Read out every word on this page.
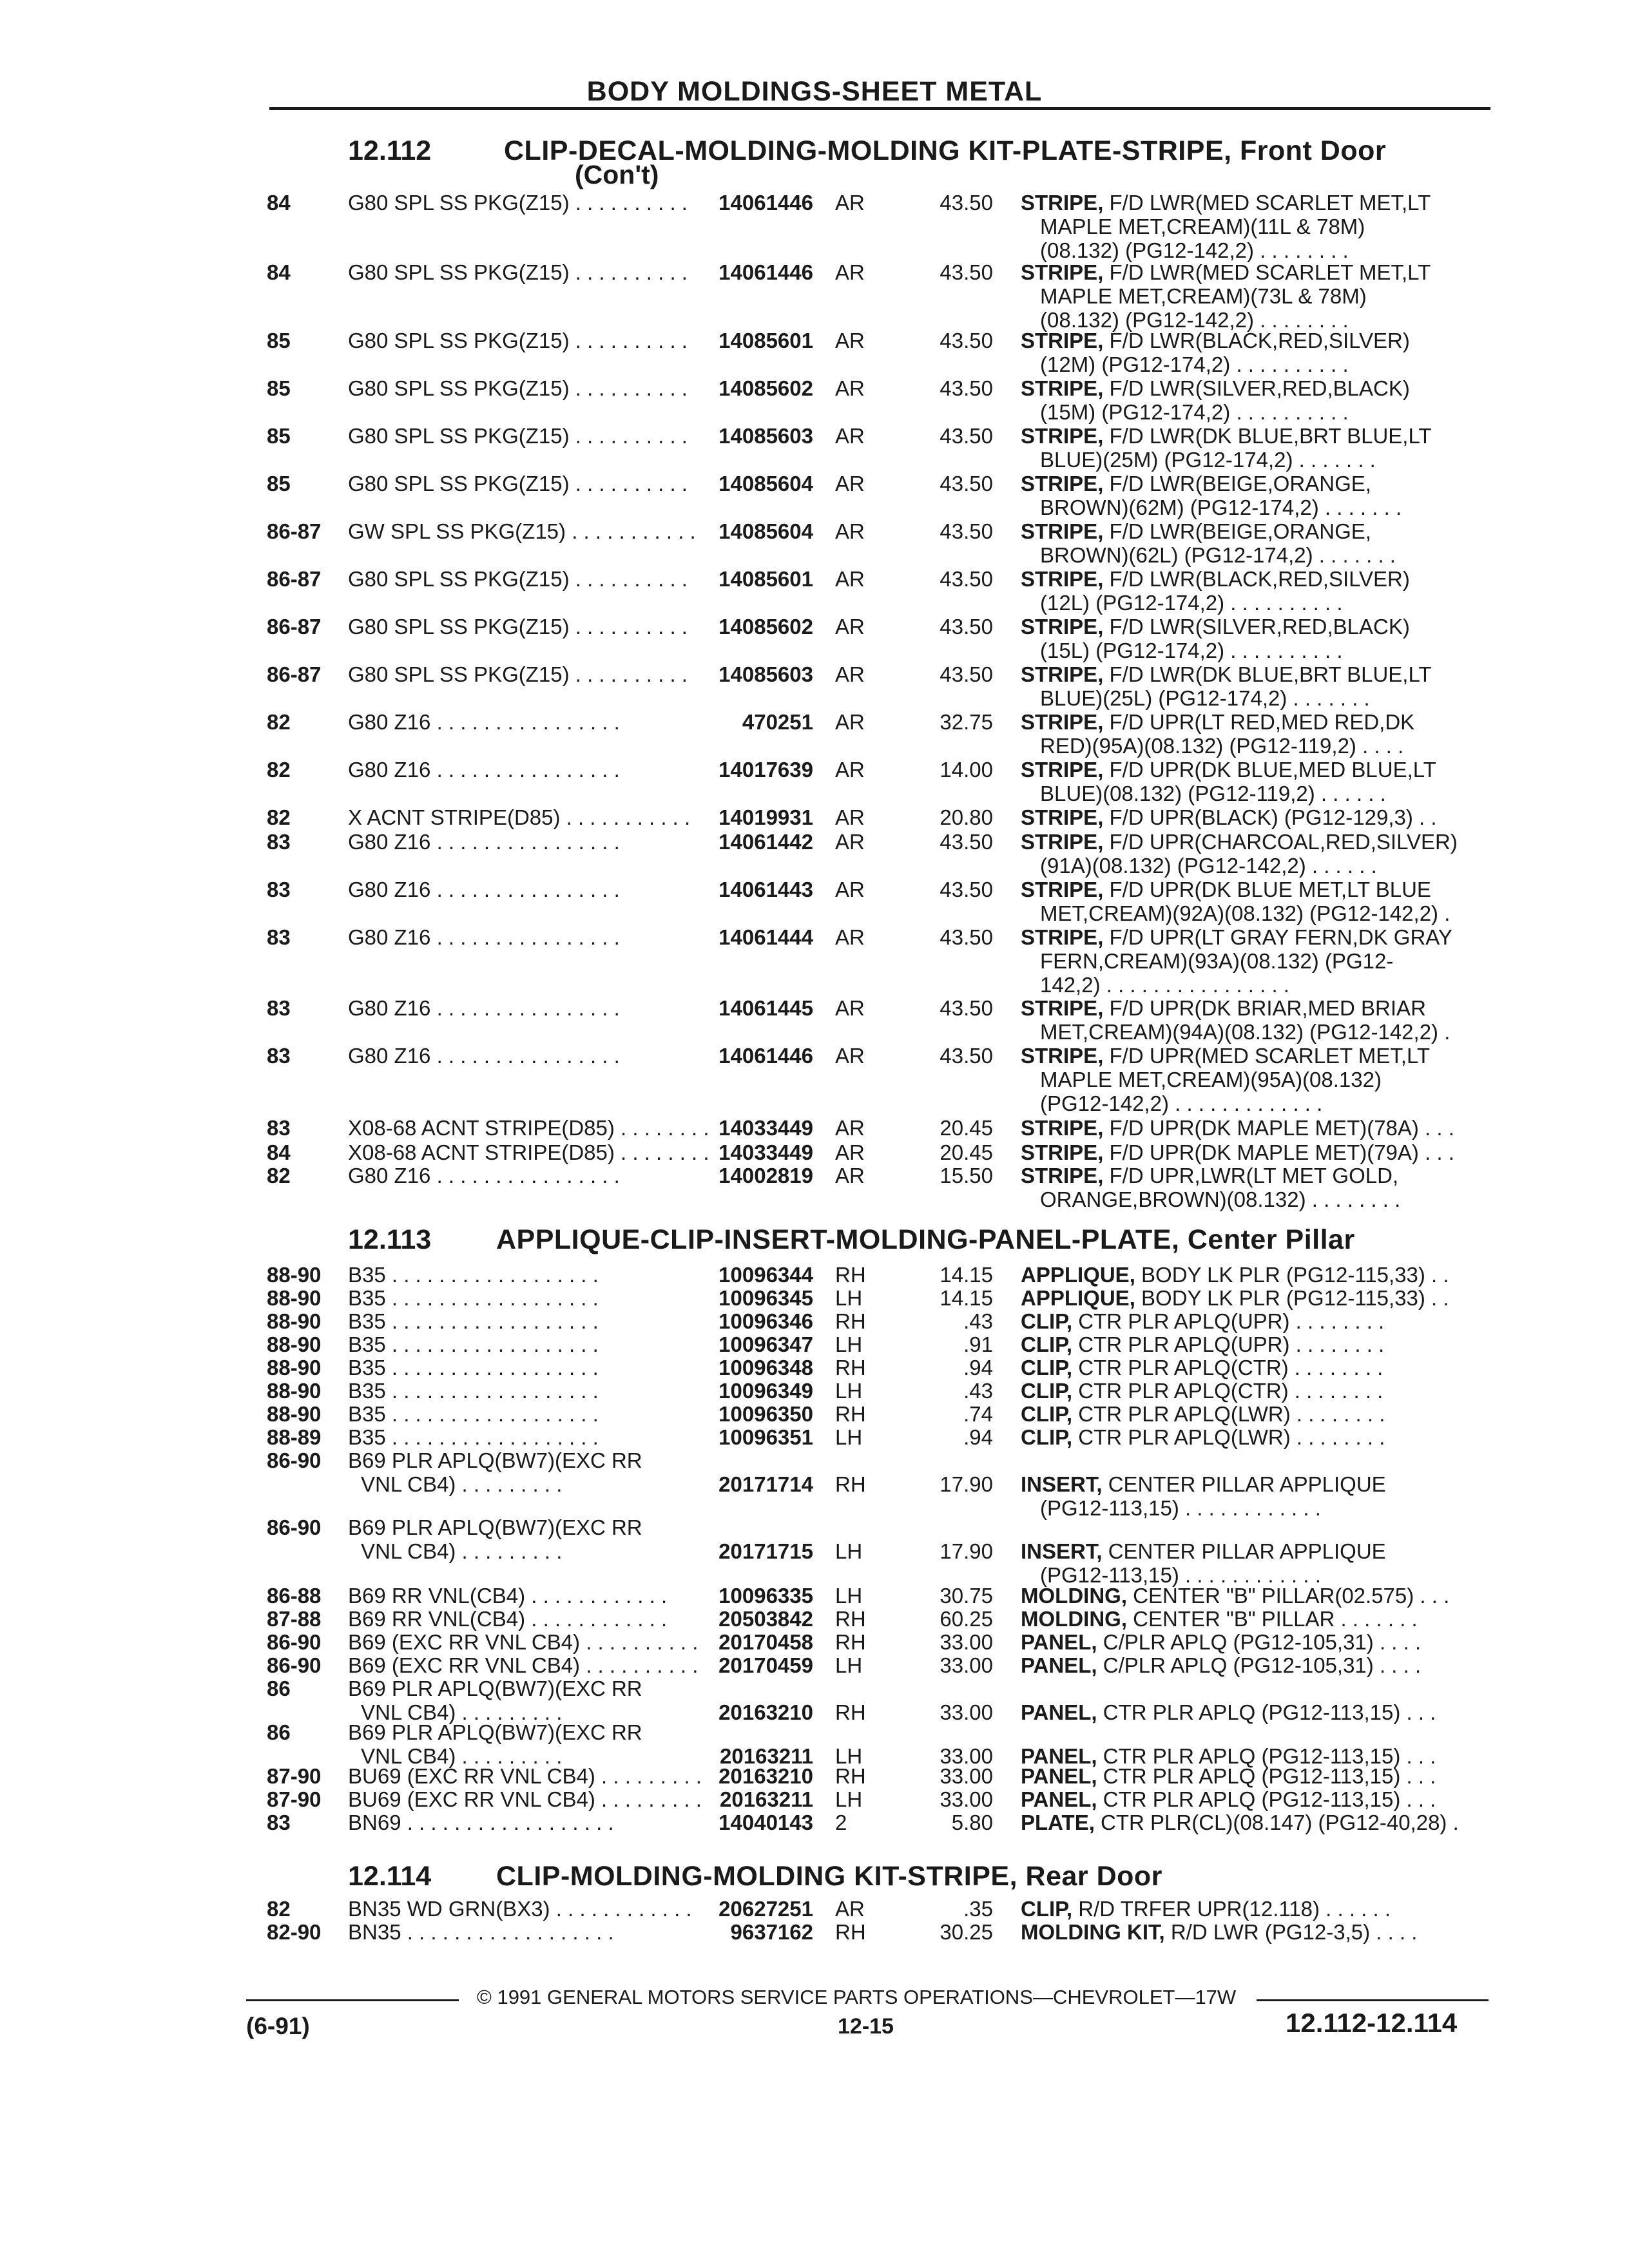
BODY MOLDINGS-SHEET METAL
12.112	CLIP-DECAL-MOLDING-MOLDING KIT-PLATE-STRIPE, Front Door
(Con't)
84	G80 SPL SS PKG(Z15) . . . . . . . . . . 14061446 AR	43.50 STRIPE, F/D LWR(MED SCARLET MET,LT
MAPLE MET,CREAM)(11L & 78M)
(08.132) (PG12-142,2) . . . . . . . .
84	G80 SPL SS PKG(Z15) . . . . . . . . . . 14061446 AR	43.50 STRIPE, F/D LWR(MED SCARLET MET,LT
MAPLE MET,CREAM)(73L & 78M)
(08.132) (PG12-142,2) . . . . . . . .
85	G80 SPL SS PKG(Z15) . . . . . . . . . . 14085601 AR	43.50 STRIPE, F/D LWR(BLACK,RED,SILVER)
(12M) (PG12-174,2) . . . . . . . . . .
85	G80 SPL SS PKG(Z15) . . . . . . . . . . 14085602 AR	43.50 STRIPE, F/D LWR(SILVER,RED,BLACK)
(15M) (PG12-174,2) . . . . . . . . . .
85	G80 SPL SS PKG(Z15) . . . . . . . . . . 14085603 AR	43.50 STRIPE, F/D LWR(DK BLUE,BRT BLUE,LT
BLUE)(25M) (PG12-174,2) . . . . . . .
85	G80 SPL SS PKG(Z15) . . . . . . . . . . 14085604 AR	43.50 STRIPE, F/D LWR(BEIGE,ORANGE,
BROWN)(62M) (PG12-174,2) . . . . . . .
86-87 GW SPL SS PKG(Z15) . . . . . . . . . . . 14085604 AR	43.50 STRIPE, F/D LWR(BEIGE,ORANGE,
BROWN)(62L) (PG12-174,2) . . . . . . .
86-87 G80 SPL SS PKG(Z15) . . . . . . . . . . 14085601 AR	43.50 STRIPE, F/D LWR(BLACK,RED,SILVER)
(12L) (PG12-174,2) . . . . . . . . . .
86-87 G80 SPL SS PKG(Z15) . . . . . . . . . . 14085602 AR	43.50 STRIPE, F/D LWR(SILVER,RED,BLACK)
(15L) (PG12-174,2) . . . . . . . . . .
86-87 G80 SPL SS PKG(Z15) . . . . . . . . . . 14085603 AR	43.50 STRIPE, F/D LWR(DK BLUE,BRT BLUE,LT
BLUE)(25L) (PG12-174,2) . . . . . . .
82	G80 Z16 . . . . . . . . . . . . . . . .	470251 AR	32.75 STRIPE, F/D UPR(LT RED,MED RED,DK
RED)(95A)(08.132) (PG12-119,2) . . . .
82	G80 Z16 . . . . . . . . . . . . . . . .	14017639 AR	14.00 STRIPE, F/D UPR(DK BLUE,MED BLUE,LT
BLUE)(08.132) (PG12-119,2) . . . . . .
82	X ACNT STRIPE(D85) . . . . . . . . . . . 14019931 AR	20.80 STRIPE, F/D UPR(BLACK) (PG12-129,3) . .
83	G80 Z16 . . . . . . . . . . . . . . . .	14061442 AR	43.50 STRIPE, F/D UPR(CHARCOAL,RED,SILVER)
(91A)(08.132) (PG12-142,2) . . . . . .
83	G80 Z16 . . . . . . . . . . . . . . . .	14061443 AR	43.50 STRIPE, F/D UPR(DK BLUE MET,LT BLUE
MET,CREAM)(92A)(08.132) (PG12-142,2) .
83	G80 Z16 . . . . . . . . . . . . . . . .	14061444 AR	43.50 STRIPE, F/D UPR(LT GRAY FERN,DK GRAY
FERN,CREAM)(93A)(08.132) (PG12-
142,2) . . . . . . . . . . . . . . . .
83	G80 Z16 . . . . . . . . . . . . . . . .	14061445 AR	43.50 STRIPE, F/D UPR(DK BRIAR,MED BRIAR
MET,CREAM)(94A)(08.132) (PG12-142,2) .
83	G80 Z16 . . . . . . . . . . . . . . . .	14061446 AR	43.50 STRIPE, F/D UPR(MED SCARLET MET,LT
MAPLE MET,CREAM)(95A)(08.132)
(PG12-142,2) . . . . . . . . . . . . .
83	X08-68 ACNT STRIPE(D85) . . . . . . . . 14033449 AR	20.45 STRIPE, F/D UPR(DK MAPLE MET)(78A) . . .
84	X08-68 ACNT STRIPE(D85) . . . . . . . . 14033449 AR	20.45 STRIPE, F/D UPR(DK MAPLE MET)(79A) . . .
82	G80 Z16 . . . . . . . . . . . . . . . .	14002819 AR	15.50 STRIPE, F/D UPR,LWR(LT MET GOLD,
ORANGE,BROWN)(08.132) . . . . . . . .
12.113 APPLIQUE-CLIP-INSERT-MOLDING-PANEL-PLATE, Center Pillar
88-90 B35 . . . . . . . . . . . . . . . . . .	10096344 RH	14.15 APPLIQUE, BODY LK PLR (PG12-115,33) . .
88-90 B35 . . . . . . . . . . . . . . . . . .	10096345 LH	14.15 APPLIQUE, BODY LK PLR (PG12-115,33) . .
88-90 B35 . . . . . . . . . . . . . . . . . .	10096346 RH	.43 CLIP, CTR PLR APLQ(UPR) . . . . . . . .
88-90 B35 . . . . . . . . . . . . . . . . . .	10096347 LH	.91 CLIP, CTR PLR APLQ(UPR) . . . . . . . .
88-90 B35 . . . . . . . . . . . . . . . . . .	10096348 RH	.94 CLIP, CTR PLR APLQ(CTR) . . . . . . . .
88-90 B35 . . . . . . . . . . . . . . . . . .	10096349 LH	.43 CLIP, CTR PLR APLQ(CTR) . . . . . . . .
88-90 B35 . . . . . . . . . . . . . . . . . .	10096350 RH	.74 CLIP, CTR PLR APLQ(LWR) . . . . . . . .
88-89 B35 . . . . . . . . . . . . . . . . . .	10096351 LH	.94 CLIP, CTR PLR APLQ(LWR) . . . . . . . .
86-90 B69 PLR APLQ(BW7)(EXC RR
VNL CB4) . . . . . . . . .	20171714 RH	17.90 INSERT, CENTER PILLAR APPLIQUE
(PG12-113,15) . . . . . . . . . . . .
86-90 B69 PLR APLQ(BW7)(EXC RR
VNL CB4) . . . . . . . . .	20171715 LH	17.90 INSERT, CENTER PILLAR APPLIQUE
(PG12-113,15) . . . . . . . . . . . .
86-88 B69 RR VNL(CB4) . . . . . . . . . . . . 10096335 LH	30.75 MOLDING, CENTER "B" PILLAR(02.575) . . .
87-88 B69 RR VNL(CB4) . . . . . . . . . . . . 20503842 RH	60.25 MOLDING, CENTER "B" PILLAR . . . . . . .
86-90 B69 (EXC RR VNL CB4) . . . . . . . . . . 20170458 RH	33.00 PANEL, C/PLR APLQ (PG12-105,31) . . . .
86-90 B69 (EXC RR VNL CB4) . . . . . . . . . . 20170459 LH	33.00 PANEL, C/PLR APLQ (PG12-105,31) . . . .
86	B69 PLR APLQ(BW7)(EXC RR
VNL CB4) . . . . . . . . .	20163210 RH	33.00 PANEL, CTR PLR APLQ (PG12-113,15) . . .
86	B69 PLR APLQ(BW7)(EXC RR
VNL CB4) . . . . . . . . .	20163211 LH	33.00 PANEL, CTR PLR APLQ (PG12-113,15) . . .
87-90 BU69 (EXC RR VNL CB4) . . . . . . . . . 20163210 RH	33.00 PANEL, CTR PLR APLQ (PG12-113,15) . . .
87-90 BU69 (EXC RR VNL CB4) . . . . . . . . . 20163211 LH	33.00 PANEL, CTR PLR APLQ (PG12-113,15) . . .
83	BN69 . . . . . . . . . . . . . . . . . .	14040143 2	5.80 PLATE, CTR PLR(CL)(08.147) (PG12-40,28) .
12.114 CLIP-MOLDING-MOLDING KIT-STRIPE, Rear Door
82	BN35 WD GRN(BX3) . . . . . . . . . . . . 20627251 AR	.35 CLIP, R/D TRFER UPR(12.118) . . . . . .
82-90 BN35 . . . . . . . . . . . . . . . . . .	9637162 RH	30.25 MOLDING KIT, R/D LWR (PG12-3,5) . . . .
© 1991 GENERAL MOTORS SERVICE PARTS OPERATIONS—CHEVROLET—17W
(6-91)	12-15	12.112-12.114
